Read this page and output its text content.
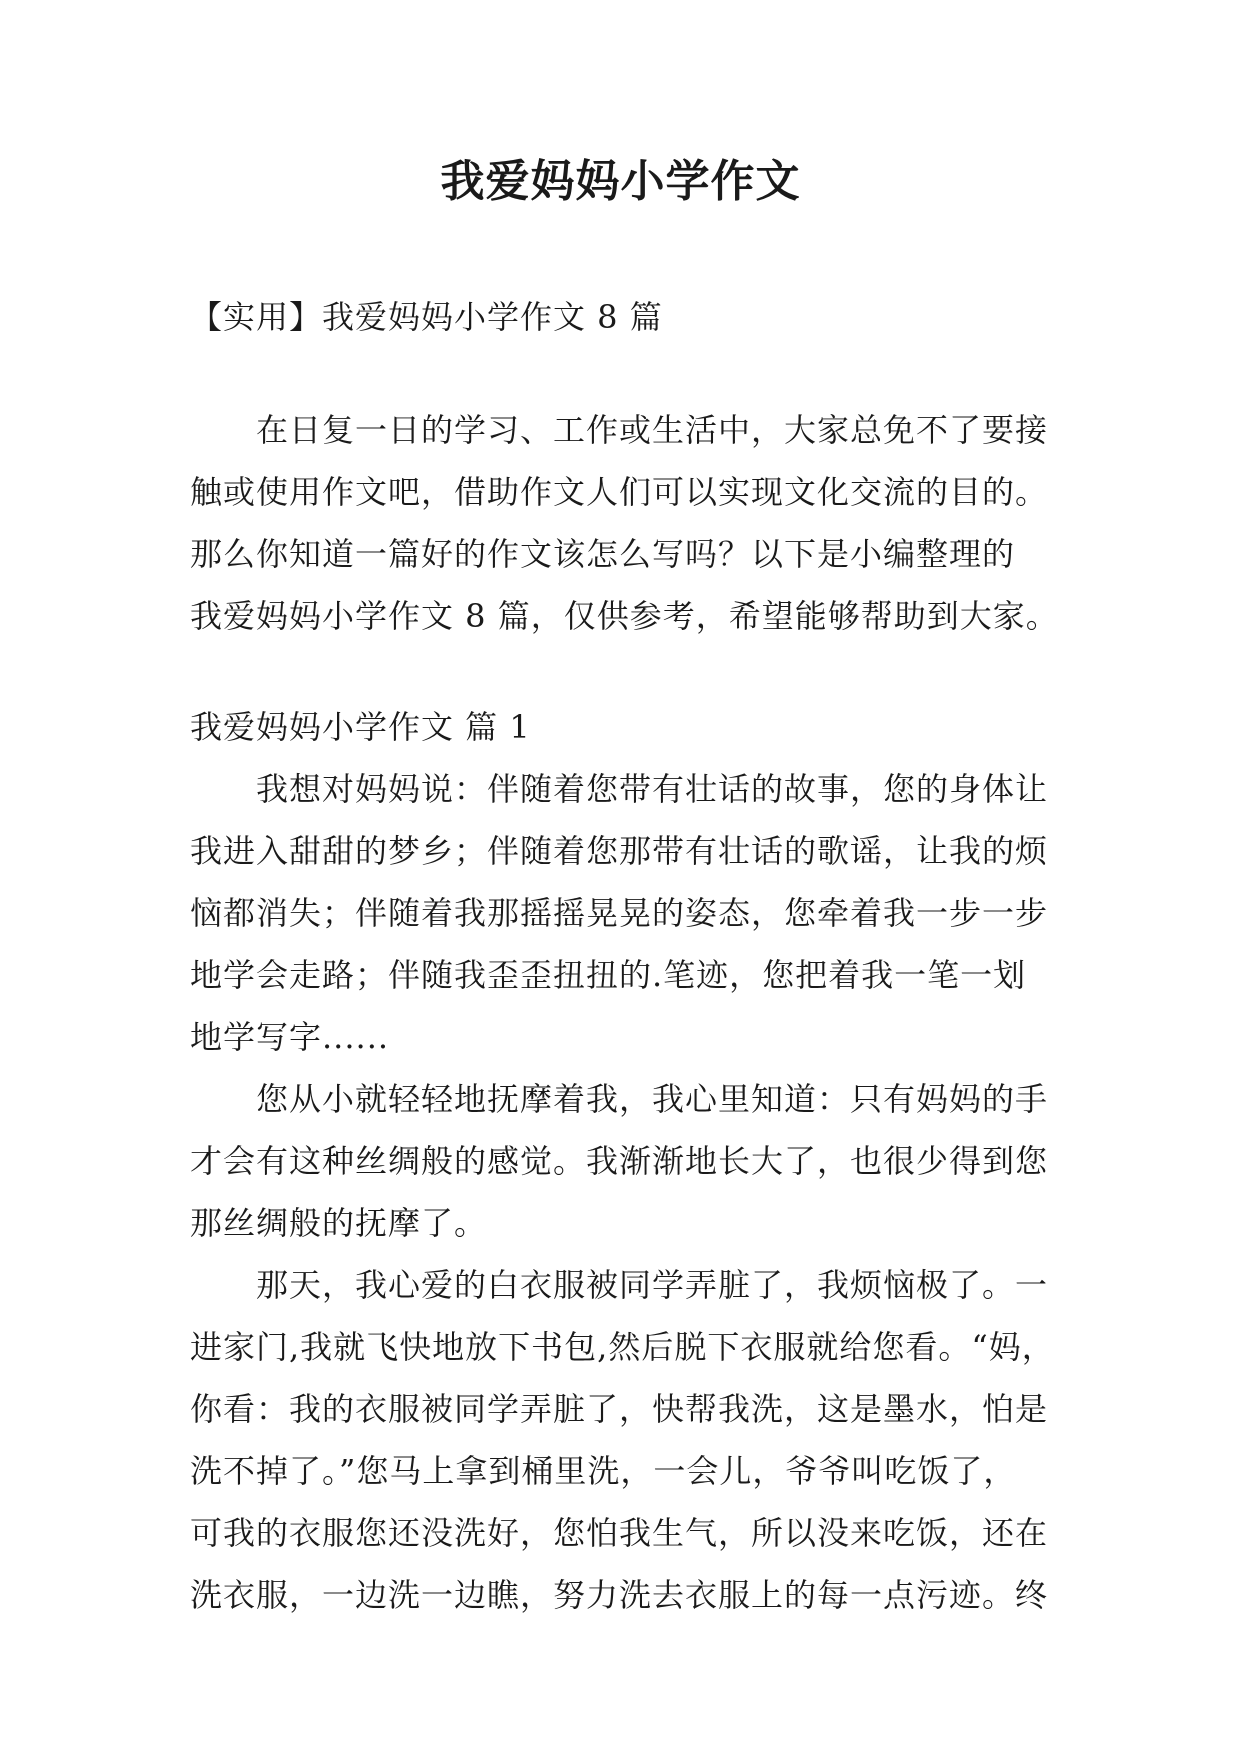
我爱妈妈小学作文
【实用】我爱妈妈小学作文 8 篇
在日复一日的学习、工作或生活中，大家总免不了要接
触或使用作文吧，借助作文人们可以实现文化交流的目的。
那么你知道一篇好的作文该怎么写吗？以下是小编整理的
我爱妈妈小学作文 8 篇，仅供参考，希望能够帮助到大家。
我爱妈妈小学作文 篇 1
我想对妈妈说：伴随着您带有壮话的故事，您的身体让
我进入甜甜的梦乡；伴随着您那带有壮话的歌谣，让我的烦
恼都消失；伴随着我那摇摇晃晃的姿态，您牵着我一步一步
地学会走路；伴随我歪歪扭扭的.笔迹，您把着我一笔一划
地学写字......
您从小就轻轻地抚摩着我，我心里知道：只有妈妈的手
才会有这种丝绸般的感觉。我渐渐地长大了，也很少得到您
那丝绸般的抚摩了。
那天，我心爱的白衣服被同学弄脏了，我烦恼极了。一
进家门,我就飞快地放下书包,然后脱下衣服就给您看。“妈，
你看：我的衣服被同学弄脏了，快帮我洗，这是墨水，怕是
洗不掉了。”您马上拿到桶里洗，一会儿，爷爷叫吃饭了，
可我的衣服您还没洗好，您怕我生气，所以没来吃饭，还在
洗衣服，一边洗一边瞧，努力洗去衣服上的每一点污迹。终
